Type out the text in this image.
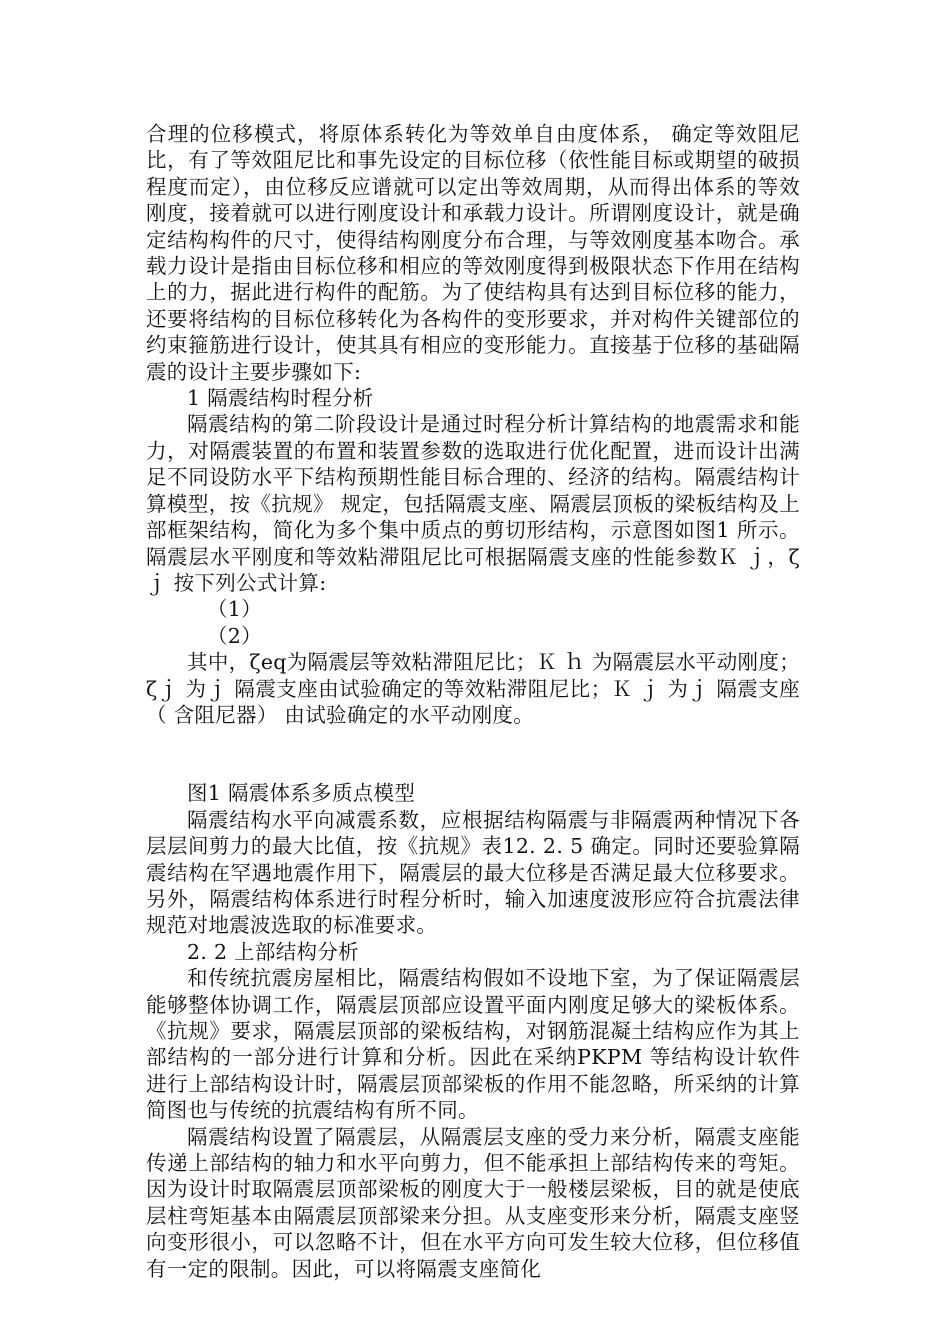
合理的位移模式，将原体系转化为等效单自由度体系， 确定等效阻尼比，有了等效阻尼比和事先设定的目标位移（依性能目标或期望的破损程度而定），由位移反应谱就可以定出等效周期，从而得出体系的等效刚度，接着就可以进行刚度设计和承载力设计。所谓刚度设计，就是确定结构构件的尺寸，使得结构刚度分布合理，与等效刚度基本吻合。承载力设计是指由目标位移和相应的等效刚度得到极限状态下作用在结构上的力，据此进行构件的配筋。为了使结构具有达到目标位移的能力，还要将结构的目标位移转化为各构件的变形要求，并对构件关键部位的约束箍筋进行设计，使其具有相应的变形能力。直接基于位移的基础隔震的设计主要步骤如下:

1 隔震结构时程分析

隔震结构的第二阶段设计是通过时程分析计算结构的地震需求和能力，对隔震装置的布置和装置参数的选取进行优化配置，进而设计出满足不同设防水平下结构预期性能目标合理的、经济的结构。隔震结构计算模型，按《抗规》 规定，包括隔震支座、隔震层顶板的梁板结构及上部框架结构，简化为多个集中质点的剪切形结构，示意图如图1 所示。隔震层水平刚度和等效粘滞阻尼比可根据隔震支座的性能参数Ｋ ｊ，ζｊ 按下列公式计算:

（1）

（2）

其中，ζeq为隔震层等效粘滞阻尼比；Ｋ ｈ 为隔震层水平动刚度；ζｊ 为ｊ 隔震支座由试验确定的等效粘滞阻尼比；Ｋ ｊ 为ｊ 隔震支座（ 含阻尼器） 由试验确定的水平动刚度。

图1 隔震体系多质点模型

隔震结构水平向减震系数，应根据结构隔震与非隔震两种情况下各层层间剪力的最大比值，按《抗规》表12. 2. 5 确定。同时还要验算隔震结构在罕遇地震作用下，隔震层的最大位移是否满足最大位移要求。另外，隔震结构体系进行时程分析时，输入加速度波形应符合抗震法律规范对地震波选取的标准要求。

2. 2 上部结构分析

和传统抗震房屋相比，隔震结构假如不设地下室，为了保证隔震层能够整体协调工作，隔震层顶部应设置平面内刚度足够大的梁板体系。《抗规》要求，隔震层顶部的梁板结构，对钢筋混凝土结构应作为其上部结构的一部分进行计算和分析。因此在采纳PKPM 等结构设计软件进行上部结构设计时，隔震层顶部梁板的作用不能忽略，所采纳的计算简图也与传统的抗震结构有所不同。

隔震结构设置了隔震层，从隔震层支座的受力来分析，隔震支座能传递上部结构的轴力和水平向剪力，但不能承担上部结构传来的弯矩。因为设计时取隔震层顶部梁板的刚度大于一般楼层梁板，目的就是使底层柱弯矩基本由隔震层顶部梁来分担。从支座变形来分析，隔震支座竖向变形很小，可以忽略不计，但在水平方向可发生较大位移，但位移值有一定的限制。因此，可以将隔震支座简化
